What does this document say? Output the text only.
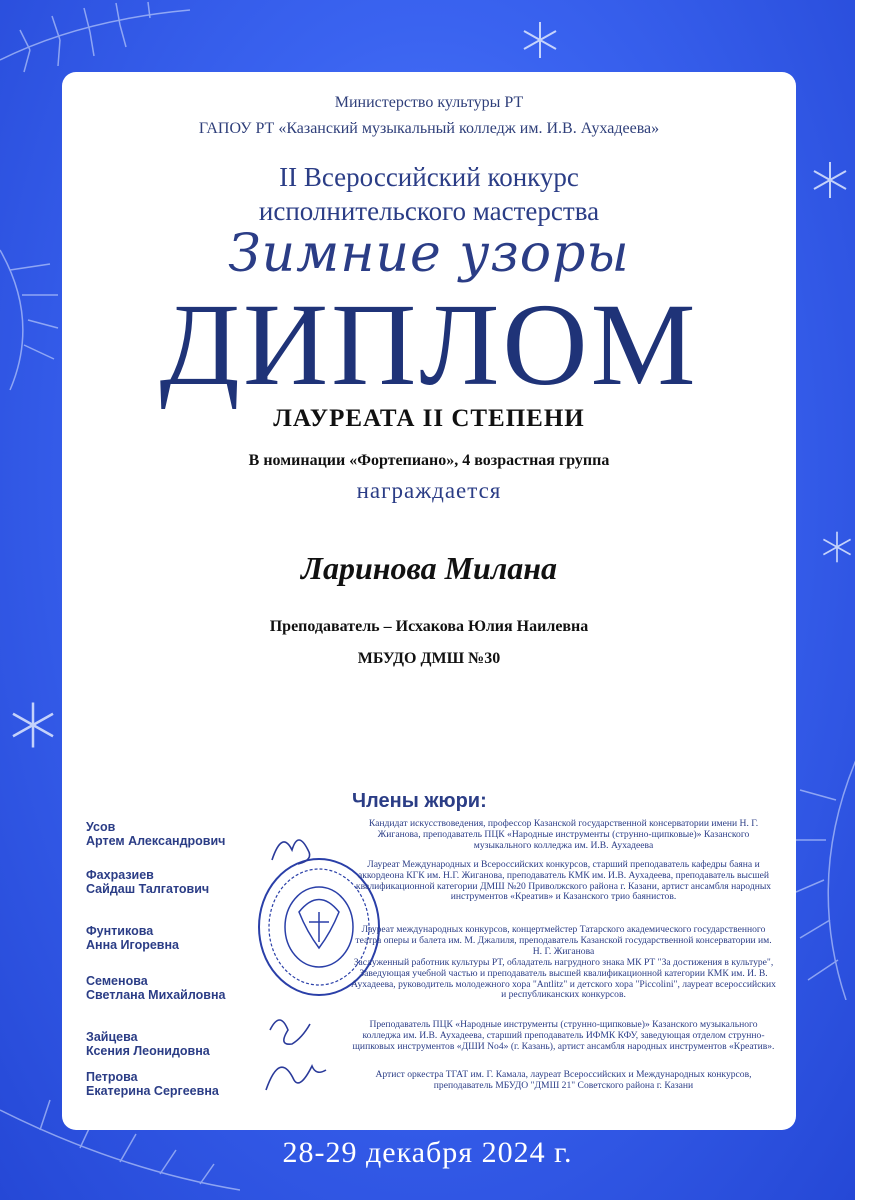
28-29 декабря 2024 г.
Министерство культуры РТ
ГАПОУ РТ «Казанский музыкальный колледж им. И.В. Аухадеева»
II Всероссийский конкурс
исполнительского мастерства
Зимние узоры
ДИПЛОМ
ЛАУРЕАТА II СТЕПЕНИ
В номинации «Фортепиано», 4 возрастная группа
награждается
Ларинова Милана
Преподаватель – Исхакова Юлия Наилевна
МБУДО ДМШ №30
Члены жюри:
Усов
Артем Александрович
Кандидат искусствоведения, профессор Казанской государственной консерватории имени Н. Г. Жиганова, преподаватель ПЦК «Народные инструменты (струнно-щипковые)» Казанского музыкального колледжа им. И.В. Аухадеева
Фахразиев
Сайдаш Талгатович
Лауреат Международных и Всероссийских конкурсов, старший преподаватель кафедры баяна и аккордеона КГК им. Н.Г. Жиганова, преподаватель КМК им. И.В. Аухадеева, преподаватель высшей квалификационной категории ДМШ №20 Приволжского района г. Казани, артист ансамбля народных инструментов «Креатив» и Казанского трио баянистов.
Фунтикова
Анна Игоревна
Лауреат международных конкурсов, концертмейстер Татарского академического государственного театра оперы и балета им. М. Джалиля, преподаватель Казанской государственной консерватории им. Н. Г. Жиганова
Семенова
Светлана Михайловна
Заслуженный работник культуры РТ, обладатель нагрудного знака МК РТ "За достижения в культуре", Заведующая учебной частью и преподаватель высшей квалификационной категории КМК им. И. В. Аухадеева, руководитель молодежного хора "Antlitz" и детского хора "Piccolini", лауреат всероссийских и республиканских конкурсов.
Зайцева
Ксения Леонидовна
Преподаватель ПЦК «Народные инструменты (струнно-щипковые)» Казанского музыкального колледжа им. И.В. Аухадеева, старший преподаватель ИФМК КФУ, заведующая отделом струнно-щипковых инструментов «ДШИ No4» (г. Казань), артист ансамбля народных инструментов «Креатив».
Петрова
Екатерина Сергеевна
Артист оркестра ТГАТ им. Г. Камала, лауреат Всероссийских и Международных конкурсов, преподаватель МБУДО "ДМШ 21" Советского района г. Казани
